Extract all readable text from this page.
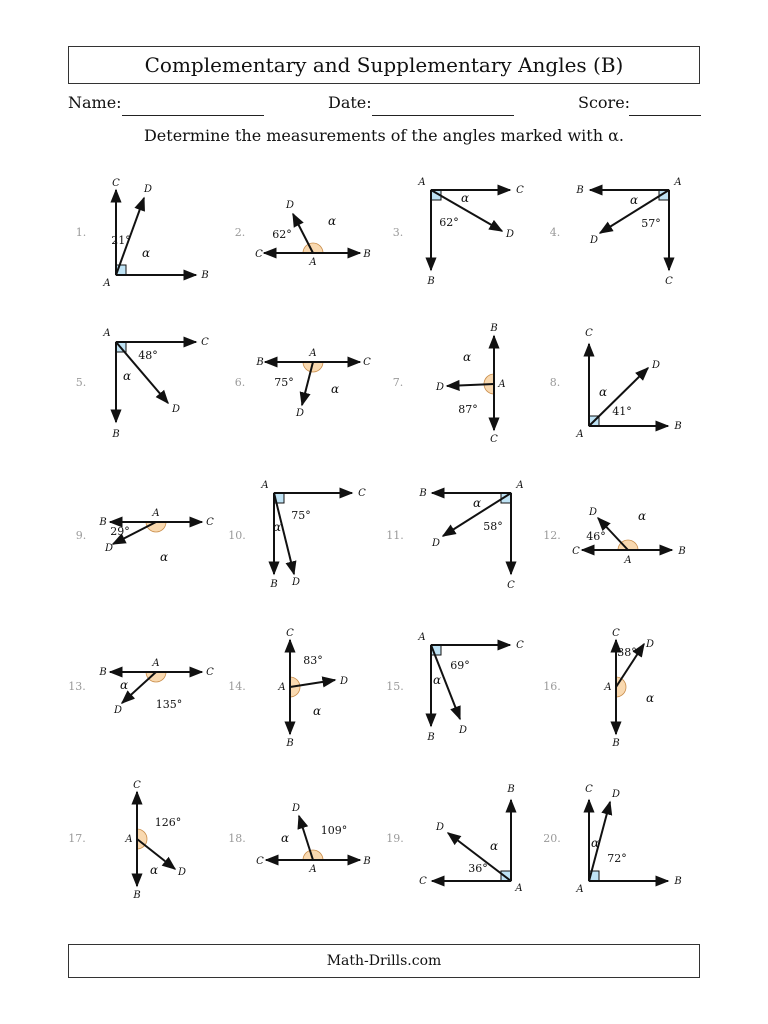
Complementary and Supplementary Angles (B)
Name:	Date:	Score:
Determine the measurements of the angles marked with α.
1.
C
B
D
A
21°
α
2.
C	B
D
A
62°
α
3.
A
C
B
D
62°
α
4.
A
B
C
D
57°
α
5.
A
C
B
D
48°
α	6.
A
B	C
D
75°	α	7.
B
C
D	A
87°
α
8.
C
B
D
A
41°
α
9.
A
B	C
D
29°
α
10.
A
C
B D
75°
α
11.
A
B
C
D
58°
α
12.
C	B
D
A
46°
α
13.
A
B	C
D	135°
α	14.
C
B
D
A
83°
α
15.
A
C
B
D
69°
α	16.
C
B
D
A
38°
α
17.
C
B
D
A
126°
α
18.
C	B
D
A
109°
α	19.
B
C
D
A
36°
α
20.
C
B
D
A
72°
α
Math-Drills.com
